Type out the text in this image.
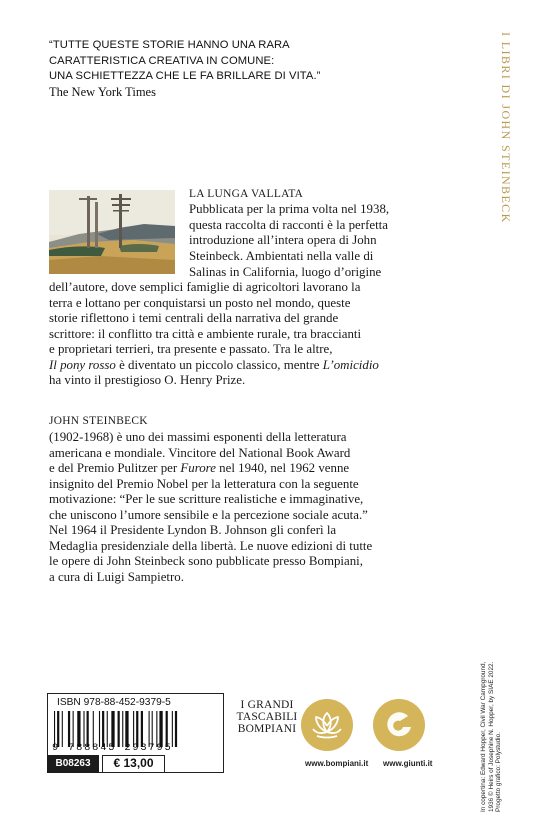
“TUTTE QUESTE STORIE HANNO UNA RARA
CARATTERISTICA CREATIVA IN COMUNE:
UNA SCHIETTEZZA CHE LE FA BRILLARE DI VITA.”
The New York Times	I LIBRI DI JOHN STEINBECK
LA LUNGA VALLATA
Pubblicata per la prima volta nel 1938,
questa raccolta di racconti è la perfetta
introduzione all’intera opera di John
Steinbeck. Ambientati nella valle di
Salinas in California, luogo d’origine
dell’autore, dove semplici famiglie di agricoltori lavorano la
terra e lottano per conquistarsi un posto nel mondo, queste
storie riflettono i temi centrali della narrativa del grande
scrittore: il conflitto tra città e ambiente rurale, tra braccianti
e proprietari terrieri, tra presente e passato. Tra le altre,
Il pony rosso è diventato un piccolo classico, mentre L’omicidio
ha vinto il prestigioso O. Henry Prize.
JOHN STEINBECK
(1902-1968) è uno dei massimi esponenti della letteratura
americana e mondiale. Vincitore del National Book Award
e del Premio Pulitzer per Furore nel 1940, nel 1962 venne
insignito del Premio Nobel per la letteratura con la seguente
motivazione: “Per le sue scritture realistiche e immaginative,
che uniscono l’umore sensibile e la percezione sociale acuta.”
Nel 1964 il Presidente Lyndon B. Johnson gli conferì la
Medaglia presidenziale della libertà. Le nuove edizioni di tutte
le opere di John Steinbeck sono pubblicate presso Bompiani,
a cura di Luigi Sampietro.
ISBN 978-88-452-9379-5
9 788845 293795
B08263	€ 13,00
I GRANDI
TASCABILI
BOMPIANI
www.bompiani.it www.giunti.it	In copertina: Edward Hopper, Civil War Campground, 1936 © Heirs of Josephine N. Hopper, by SIAE 2022. Progetto grafico: Polystudio.
